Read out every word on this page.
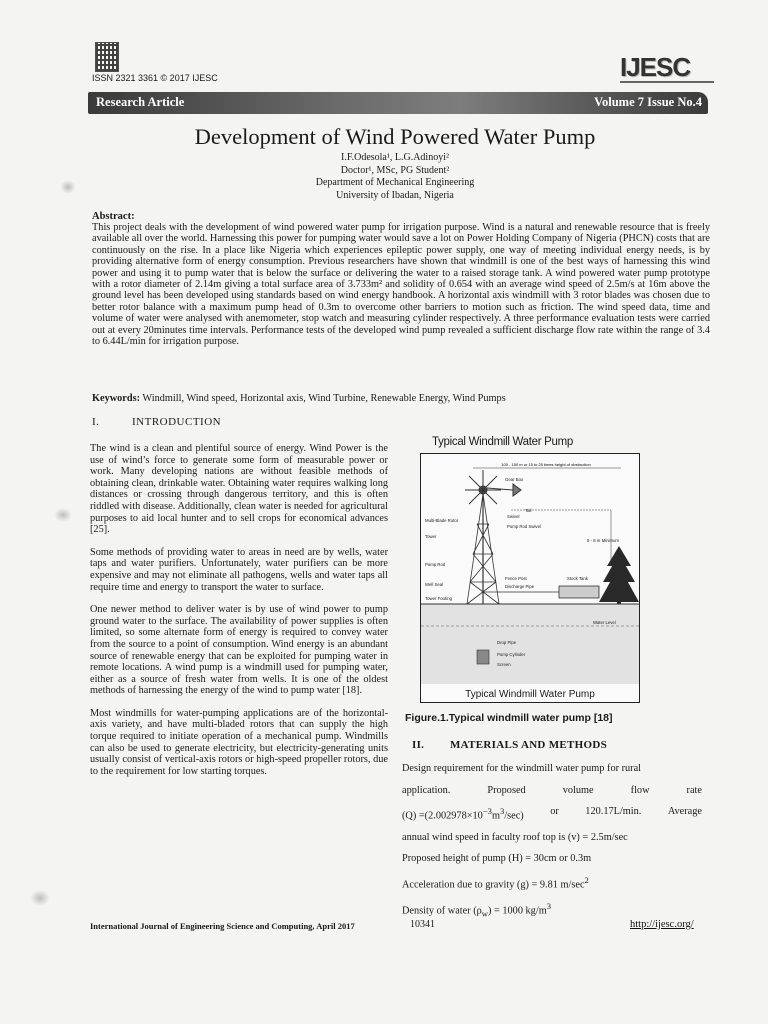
ISSN 2321 3361 © 2017 IJESC	IJESC
Research Article	Volume 7 Issue No.4
Development of Wind Powered Water Pump
I.F.Odesola¹, L.G.Adinoyi²
Doctor¹, MSc, PG Student²
Department of Mechanical Engineering
University of Ibadan, Nigeria
Abstract:
This project deals with the development of wind powered water pump for irrigation purpose. Wind is a natural and renewable resource that is freely available all over the world. Harnessing this power for pumping water would save a lot on Power Holding Company of Nigeria (PHCN) costs that are continuously on the rise. In a place like Nigeria which experiences epileptic power supply, one way of meeting individual energy needs, is by providing alternative form of energy consumption. Previous researchers have shown that windmill is one of the best ways of harnessing this wind power and using it to pump water that is below the surface or delivering the water to a raised storage tank. A wind powered water pump prototype with a rotor diameter of 2.14m giving a total surface area of 3.733m² and solidity of 0.654 with an average wind speed of 2.5m/s at 16m above the ground level has been developed using standards based on wind energy handbook. A horizontal axis windmill with 3 rotor blades was chosen due to better rotor balance with a maximum pump head of 0.3m to overcome other barriers to motion such as friction. The wind speed data, time and volume of water were analysed with anemometer, stop watch and measuring cylinder respectively. A three performance evaluation tests were carried out at every 20minutes time intervals. Performance tests of the developed wind pump revealed a sufficient discharge flow rate within the range of 3.4 to 6.44L/min for irrigation purpose.
Keywords: Windmill, Wind speed, Horizontal axis, Wind Turbine, Renewable Energy, Wind Pumps
I.	INTRODUCTION

The wind is a clean and plentiful source of energy. Wind Power is the use of wind’s force to generate some form of measurable power or work. Many developing nations are without feasible methods of obtaining clean, drinkable water. Obtaining water requires walking long distances or crossing through dangerous territory, and this is often riddled with disease. Additionally, clean water is needed for agricultural purposes to aid local hunter and to sell crops for economical advances [25].

Some methods of providing water to areas in need are by wells, water taps and water purifiers. Unfortunately, water purifiers can be more expensive and may not eliminate all pathogens, wells and water taps all require time and energy to transport the water to surface.

One newer method to deliver water is by use of wind power to pump ground water to the surface. The availability of power supplies is often limited, so some alternate form of energy is required to convey water from the source to a point of consumption. Wind energy is an abundant source of renewable energy that can be exploited for pumping water in remote locations. A wind pump is a windmill used for pumping water, either as a source of fresh water from wells. It is one of the oldest methods of harnessing the energy of the wind to pump water [18].

Most windmills for water-pumping applications are of the horizontal-axis variety, and have multi-bladed rotors that can supply the high torque required to initiate operation of a mechanical pump. Windmills can also be used to generate electricity, but electricity-generating units usually consist of vertical-axis rotors or high-speed propeller rotors, due to the requirement for low starting torques.

Typical Windmill Water Pump
100 - 150 m or 15 to 25 times height of obstruction
Gear Box
Tail
Swivel
Multi-Blade Rotor
Pump Rod Swivel
Tower
5 - 8 m Minimum
Pump Rod
Stock Tank
Fence Post
Discharge Pipe
Well Seal
Tower Footing
Water Level
Drop Pipe
Pump Cylinder
Screen
Typical Windmill Water Pump
Figure.1.Typical windmill water pump [18]
II. MATERIALS AND METHODS
Design requirement for the windmill water pump for rural
application.	Proposed	volume	flow	rate
$(Q) =(2.002978\times 10^{-3}m^3/\sec)$	or	120.17L/min.	Average
annual wind speed in faculty roof top is (v) = 2.5m/sec
Proposed height of pump (H) = 30cm or 0.3m
Acceleration due to gravity (g) = 9.81 $m/\sec^2$
Density of water $(\rho_w) = 1000$ $kg/m^3$
International Journal of Engineering Science and Computing, April 2017	10341	http://ijesc.org/
